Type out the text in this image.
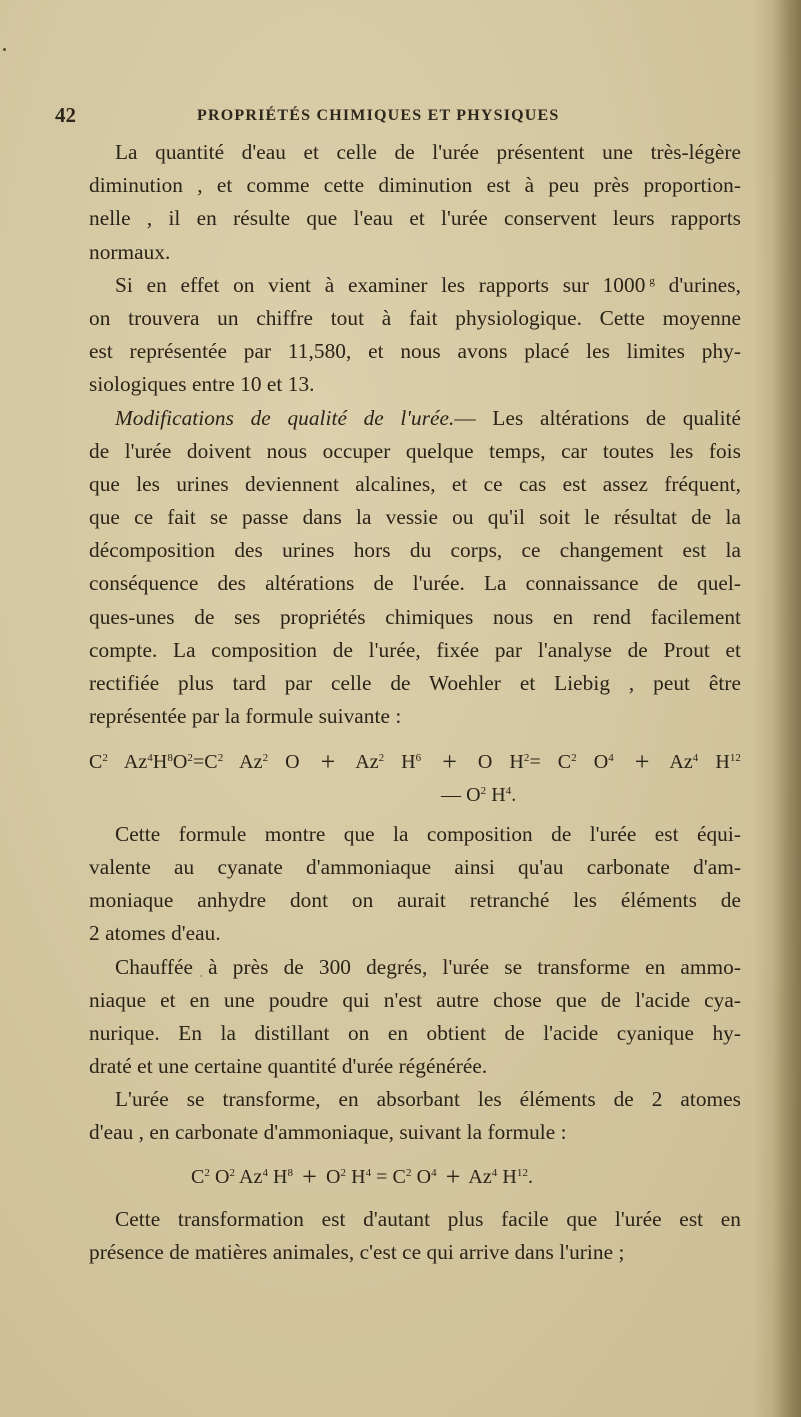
42	PROPRIÉTÉS CHIMIQUES ET PHYSIQUES
La quantité d'eau et celle de l'urée présentent une très-légère
diminution , et comme cette diminution est à peu près proportion-
nelle , il en résulte que l'eau et l'urée conservent leurs rapports
normaux.
Si en effet on vient à examiner les rapports sur 1000 $^g$ d'urines,
on trouvera un chiffre tout à fait physiologique. Cette moyenne
est représentée par 11,580, et nous avons placé les limites phy-
siologiques entre 10 et 13.
Modifications de qualité de l'urée.— Les altérations de qualité
de l'urée doivent nous occuper quelque temps, car toutes les fois
que les urines deviennent alcalines, et ce cas est assez fréquent,
que ce fait se passe dans la vessie ou qu'il soit le résultat de la
décomposition des urines hors du corps, ce changement est la
conséquence des altérations de l'urée. La connaissance de quel-
ques-unes de ses propriétés chimiques nous en rend facilement
compte. La composition de l'urée, fixée par l'analyse de Prout et
rectifiée plus tard par celle de Woehler et Liebig , peut être
représentée par la formule suivante :
$C^2$ $Az^4H^8O^2=C^2$ Az$^2$ $O + Az^2$ $H^6 + O$ $H^2= C^2$ $O^4 + Az^4$ $H^{12}$
— $O^2$ $H^4$.
Cette formule montre que la composition de l'urée est équi-
valente au cyanate d'ammoniaque ainsi qu'au carbonate d'am-
moniaque anhydre dont on aurait retranché les éléments de
2 atomes d'eau.
Chauffée à près de 300 degrés, l'urée se transforme en ammo-
niaque et en une poudre qui n'est autre chose que de l'acide cya-
nurique. En la distillant on en obtient de l'acide cyanique hy-
draté et une certaine quantité d'urée régénérée.
L'urée se transforme, en absorbant les éléments de 2 atomes
d'eau , en carbonate d'ammoniaque, suivant la formule :
$C^2$ $O^2$ Az$^4$ $H^8 + O^2$ $H^4 = C^2$ $O^4 + Az^4$ $H^{12}$.
Cette transformation est d'autant plus facile que l'urée est en
présence de matières animales, c'est ce qui arrive dans l'urine ;
